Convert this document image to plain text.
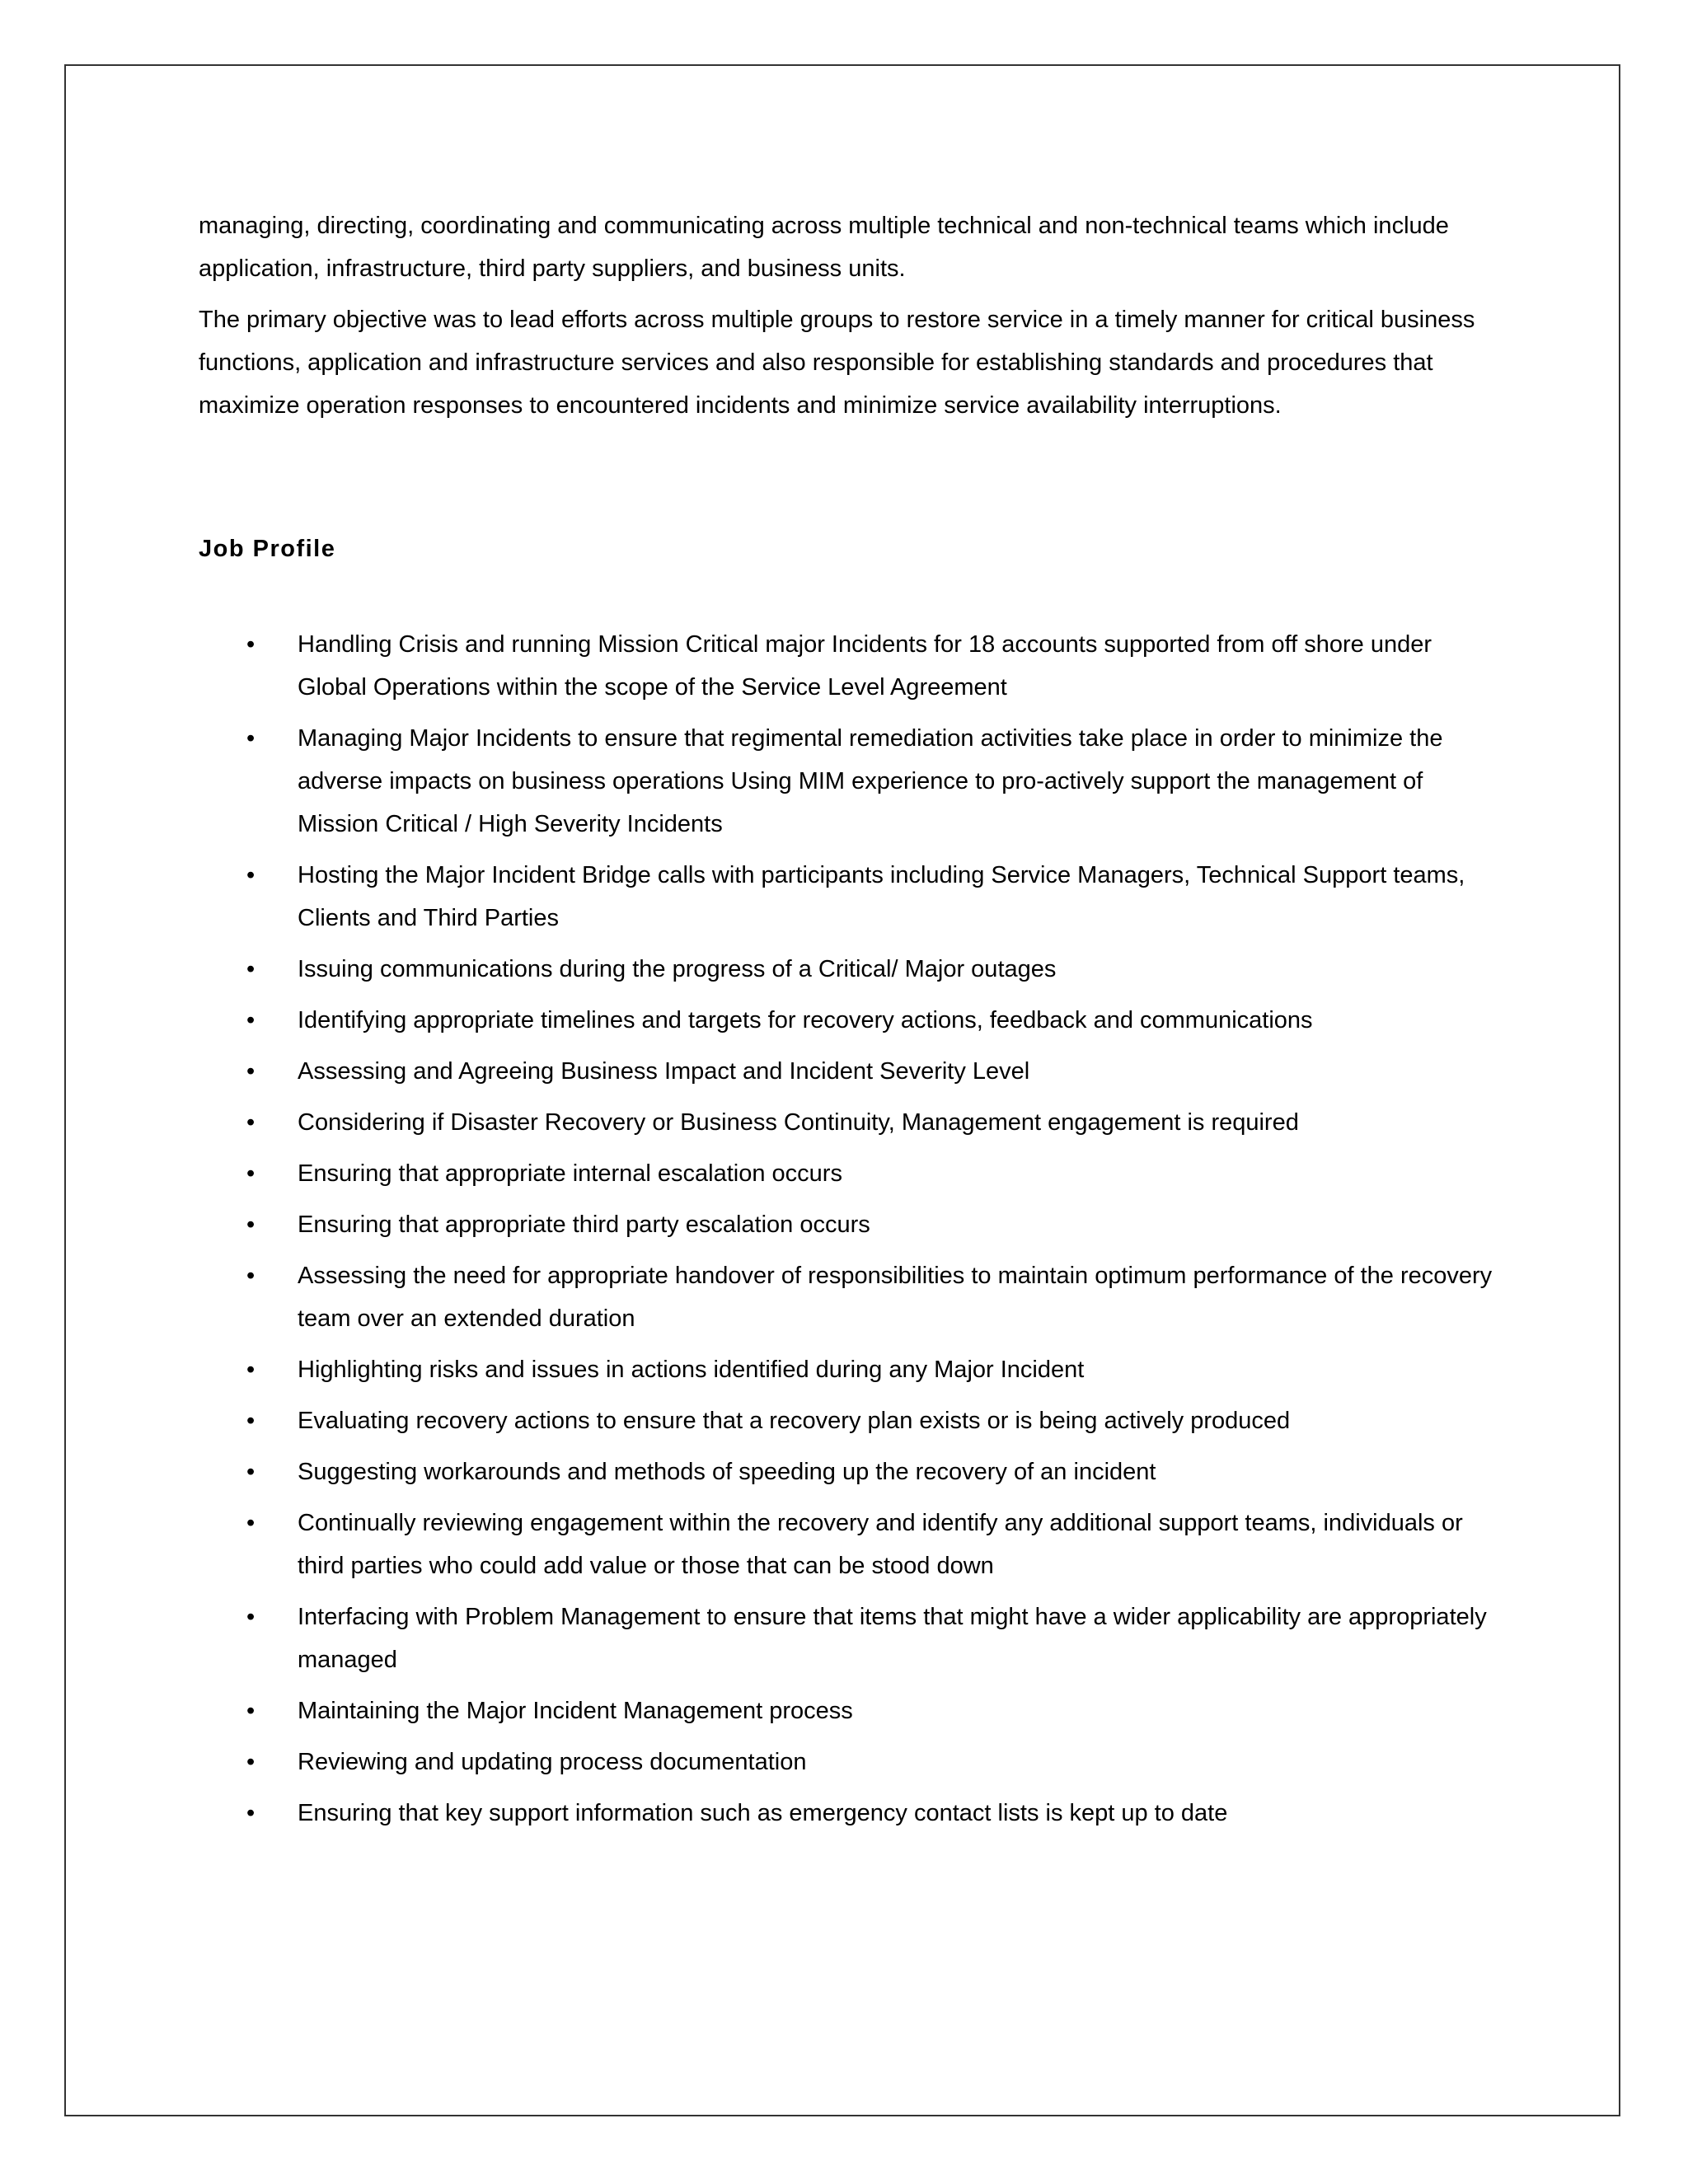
managing, directing, coordinating and communicating across multiple technical and non-technical teams which include application, infrastructure, third party suppliers, and business units.

The primary objective was to lead efforts across multiple groups to restore service in a timely manner for critical business functions, application and infrastructure services and also responsible for establishing standards and procedures that maximize operation responses to encountered incidents and minimize service availability interruptions.

Job Profile
• Handling Crisis and running Mission Critical major Incidents for 18 accounts supported from off shore under Global Operations within the scope of the Service Level Agreement
• Managing Major Incidents to ensure that regimental remediation activities take place in order to minimize the adverse impacts on business operations Using MIM experience to pro-actively support the management of Mission Critical / High Severity Incidents
• Hosting the Major Incident Bridge calls with participants including Service Managers, Technical Support teams, Clients and Third Parties
• Issuing communications during the progress of a Critical/ Major outages
• Identifying appropriate timelines and targets for recovery actions, feedback and communications
• Assessing and Agreeing Business Impact and Incident Severity Level
• Considering if Disaster Recovery or Business Continuity, Management engagement is required
• Ensuring that appropriate internal escalation occurs
• Ensuring that appropriate third party escalation occurs
• Assessing the need for appropriate handover of responsibilities to maintain optimum performance of the recovery team over an extended duration
• Highlighting risks and issues in actions identified during any Major Incident
• Evaluating recovery actions to ensure that a recovery plan exists or is being actively produced
• Suggesting workarounds and methods of speeding up the recovery of an incident
• Continually reviewing engagement within the recovery and identify any additional support teams, individuals or third parties who could add value or those that can be stood down
• Interfacing with Problem Management to ensure that items that might have a wider applicability are appropriately managed
• Maintaining the Major Incident Management process
• Reviewing and updating process documentation
• Ensuring that key support information such as emergency contact lists is kept up to date
